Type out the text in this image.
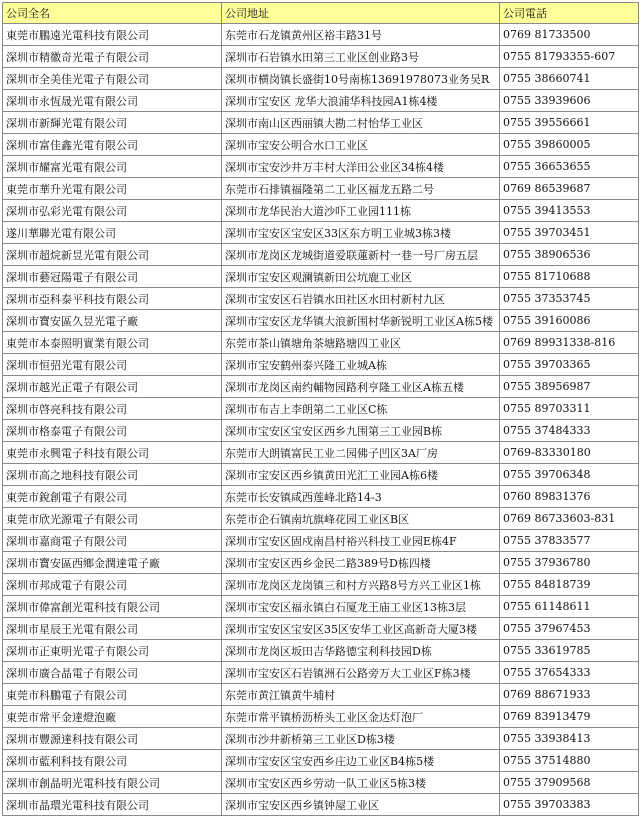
公司全名	公司地址	公司電話
東莞市鵬遠光電科技有限公司	东莞市石龙镇黄州区裕丰路31号	0769 81733500
深圳市精徽奇光電子有限公司	深圳市石岩镇水田第三工业区创业路3号	0755 81793355-607
深圳市全美佳光電子有限公司	深圳市横岗镇长盛街10号南栋13691978073业务吴R	0755 38660741
深圳市永恆晟光電有限公司	深圳市宝安区 龙华大浪浦华科技园A1栋4楼	0755 33939606
深圳市新輝光電有限公司	深圳市南山区西丽镇大勘二村怡华工业区	0755 39556661
深圳市富佳鑫光電有限公司	深圳市宝安公明合水口工业区	0755 39860005
深圳市耀富光電有限公司	深圳市宝安沙井万丰村大洋田公业区34栋4楼	0755 36653655
東莞市華升光電有限公司	东莞市石排镇福隆第二工业区福龙五路二号	0769 86539687
深圳市弘彩光電有限公司	深圳市龙华民治大道沙吓工业园111栋	0755 39413553
遂川華聯光電有限公司	深圳市宝安区宝安区33区东方明工业城3栋3楼	0755 39703451
深圳市超烷新昱光電有限公司	深圳市龙岗区龙城街道爱联蓮新村一巷一号厂房五层	0755 38906536
深圳市藝冠陽電子有限公司	深圳市宝安区观澜镇新田公坑鹿工业区	0755 81710688
深圳市亞科泰平科技有限公司	深圳市宝安区石岩镇水田社区水田村新村九区	0755 37353745
深圳市寶安區久昱光電子廠	深圳市宝安区龙华镇大浪新围村华新锐明工业区A栋5楼	0755 39160086
東莞市本泰照明實業有限公司	东莞市茶山镇塘角茶塘路塘四工业区	0769 89931338-816
深圳市恒弨光電有限公司	深圳市宝安鹤州泰兴隆工业城A栋	0755 39703365
深圳市越光正電子有限公司	深圳市龙岗区南约輔物园路利亨隆工业区A栋五楼	0755 38956987
深圳市啓亮科技有限公司	深圳市布吉上李朗第二工业区C栋	0755 89703311
深圳市格泰電子有限公司	深圳市宝安区宝安区西乡九围第三工业园B栋	0755 37484333
東莞市永興電子科技有限公司	东莞市大朗镇富民工业二园佛子凹区3A厂房	0769-83330180
深圳市高之地科技有限公司	深圳市宝安区西乡镇黄田光汇工业园A栋6楼	0755 39706348
東莞市銳創電子有限公司	东莞市长安镇咸西莲峰北路14-3	0760 89831376
東莞市欣光源電子有限公司	东莞市企石镇南坑旗峰花园工业区B区	0769 86733603-831
深圳市嘉商電子有限公司	深圳市宝安区固戍南昌村裕兴科技工业园E栋4F	0755 37833577
深圳市寶安區西鄉金潤達電子廠	深圳市宝安区西乡金民二路389号D栋四楼	0755 37936780
深圳市邦成電子有限公司	深圳市龙岗区龙岗镇三和村方兴路8号方兴工业区1栋	0755 84818739
深圳市偉富創光電科技有限公司	深圳市宝安区福永镇白石厦龙王庙工业区13栋3层	0755 61148611
深圳市星辰王光電有限公司	深圳市宝安区宝安区35区安华工业区高新奇大厦3楼	0755 37967453
深圳市正東明光電子有限公司	深圳市龙岗区坂田吉华路德宝利科技园D栋	0755 33619785
深圳市廣合晶電子有限公司	深圳市宝安区石岩镇洲石公路旁万大工业区F栋3楼	0755 37654333
東莞市科鵬電子有限公司	东莞市黄江镇黄牛埔村	0769 88671933
東莞市常平金達燈泡廠	东莞市常平镇桥沥桥头工业区金达灯泡厂	0769 83913479
深圳市豐源達科技有限公司	深圳市沙井新桥第三工业区D栋3楼	0755 33938413
深圳市藍利科技有限公司	深圳市宝安区宝安西乡庄边工业区B4栋5楼	0755 37514880
深圳市創晶明光電科技有限公司	深圳市宝安区西乡劳动一队工业区5栋3楼	0755 37909568
深圳市晶環光電科技有限公司	深圳市宝安区西乡镇钟屋工业区	0755 39703383
